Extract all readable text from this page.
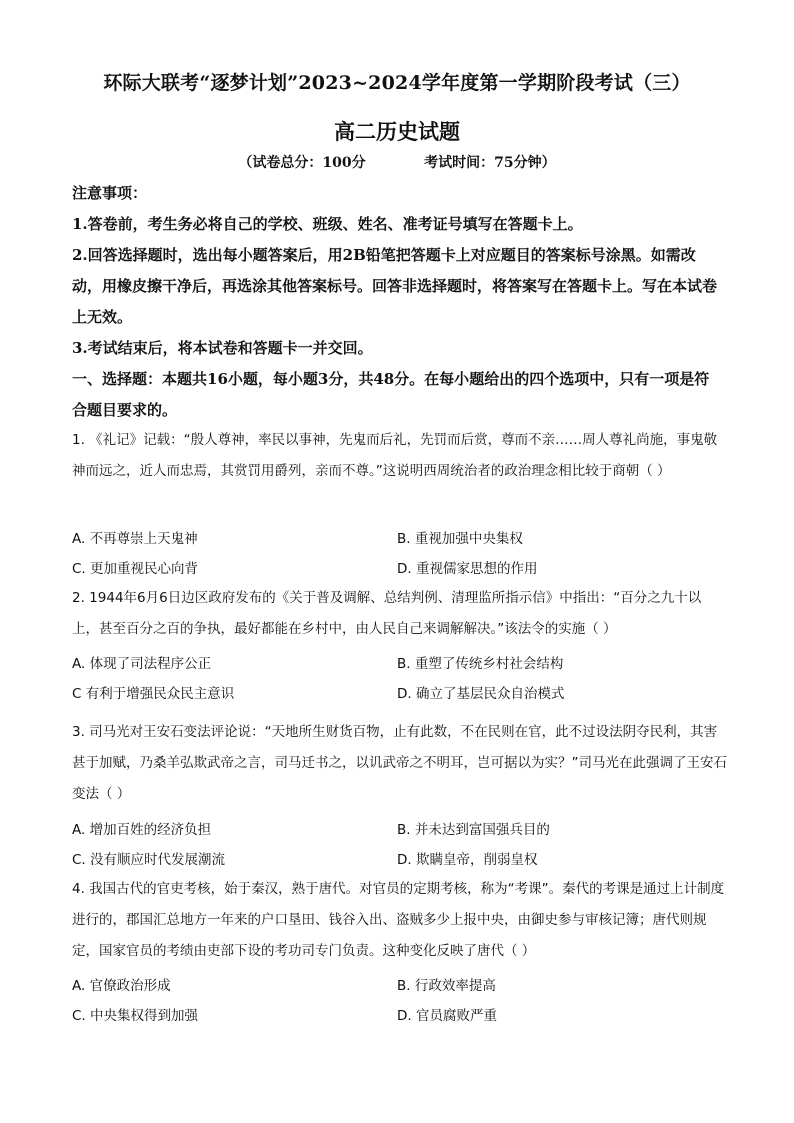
环际大联考“逐梦计划”2023~2024学年度第一学期阶段考试（三）
高二历史试题
（试卷总分：100分            考试时间：75分钟）
注意事项：
1.答卷前，考生务必将自己的学校、班级、姓名、准考证号填写在答题卡上。
2.回答选择题时，选出每小题答案后，用2B铅笔把答题卡上对应题目的答案标号涂黑。如需改动，用橡皮擦干净后，再选涂其他答案标号。回答非选择题时，将答案写在答题卡上。写在本试卷上无效。
3.考试结束后，将本试卷和答题卡一并交回。
一、选择题：本题共16小题，每小题3分，共48分。在每小题给出的四个选项中，只有一项是符合题目要求的。
1. 《礼记》记载：“殷人尊神，率民以事神，先鬼而后礼，先罚而后赏，尊而不亲……周人尊礼尚施，事鬼敬神而远之，近人而忠焉，其赏罚用爵列，亲而不尊。”这说明西周统治者的政治理念相比较于商朝（ ）
A. 不再尊崇上天鬼神	B. 重视加强中央集权
C. 更加重视民心向背	D. 重视儒家思想的作用
2. 1944年6月6日边区政府发布的《关于普及调解、总结判例、清理监所指示信》中指出：“百分之九十以上，甚至百分之百的争执，最好都能在乡村中，由人民自己来调解解决。”该法令的实施（ ）
A. 体现了司法程序公正	B. 重塑了传统乡村社会结构
C 有利于增强民众民主意识	D. 确立了基层民众自治模式
3. 司马光对王安石变法评论说：“天地所生财货百物，止有此数，不在民则在官，此不过设法阴夺民利，其害甚于加赋，乃桑羊弘欺武帝之言，司马迁书之，以讥武帝之不明耳，岂可据以为实？”司马光在此强调了王安石变法（ ）
A. 增加百姓的经济负担	B. 并未达到富国强兵目的
C. 没有顺应时代发展潮流	D. 欺瞒皇帝，削弱皇权
4. 我国古代的官吏考核，始于秦汉，熟于唐代。对官员的定期考核，称为“考课”。秦代的考课是通过上计制度进行的，郡国汇总地方一年来的户口垦田、钱谷入出、盗贼多少上报中央，由御史参与审核记簿；唐代则规定，国家官员的考绩由吏部下设的考功司专门负责。这种变化反映了唐代（ ）
A. 官僚政治形成	B. 行政效率提高
C. 中央集权得到加强	D. 官员腐败严重
